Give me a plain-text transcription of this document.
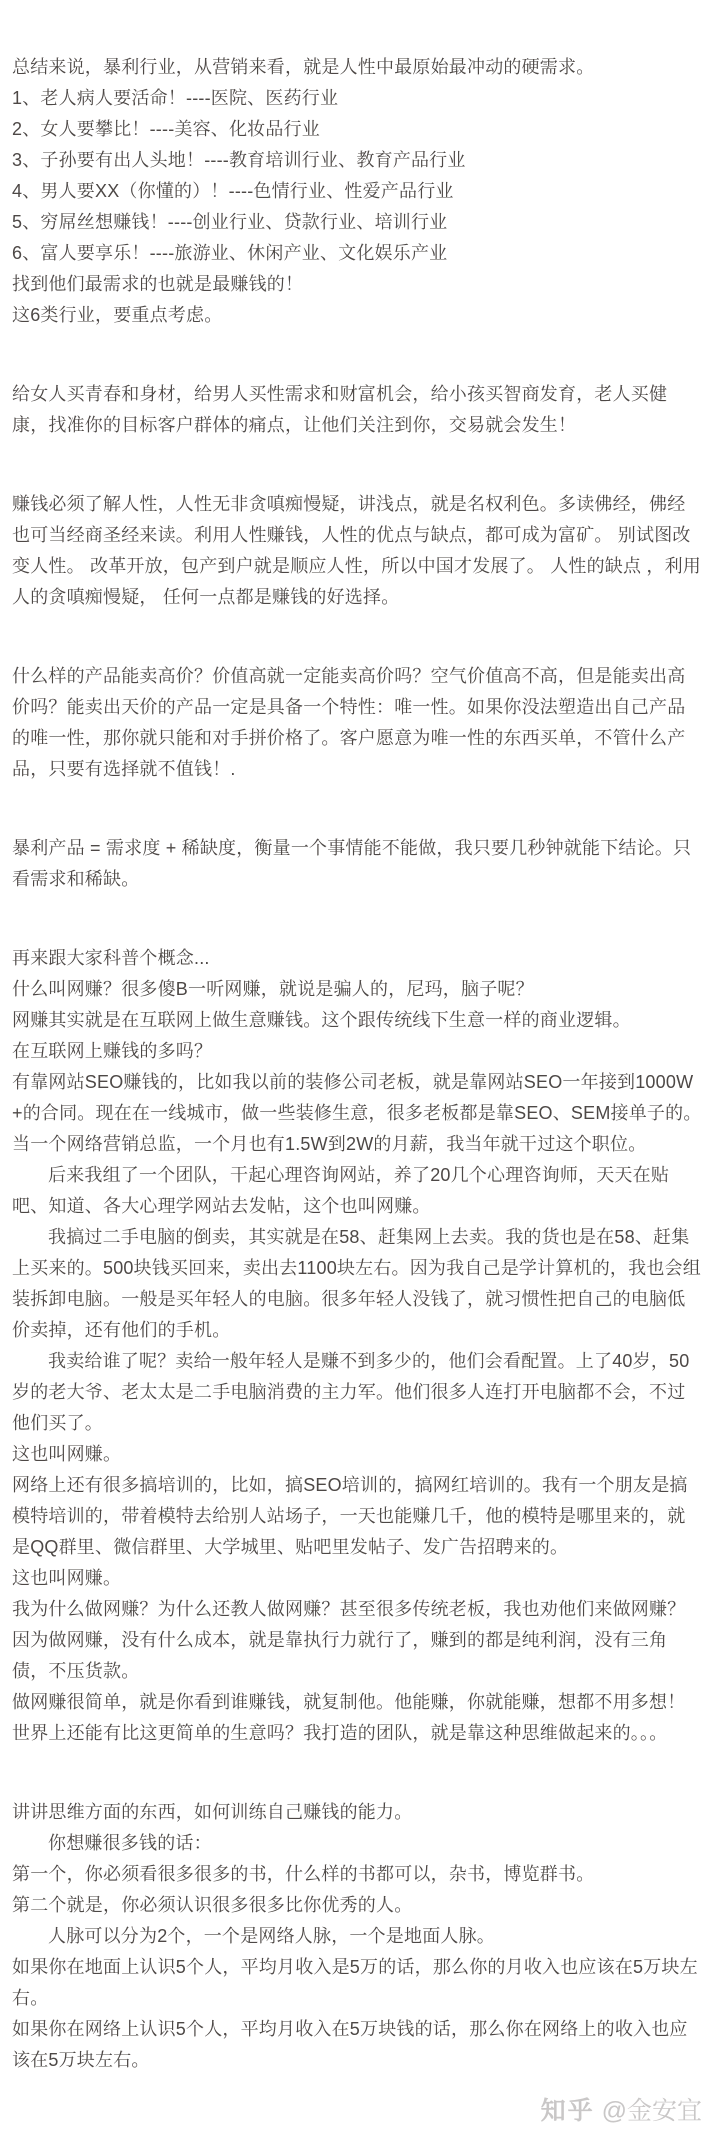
总结来说，暴利行业，从营销来看，就是人性中最原始最冲动的硬需求。

1、老人病人要活命！----医院、医药行业

2、女人要攀比！----美容、化妆品行业

3、子孙要有出人头地！----教育培训行业、教育产品行业

4、男人要XX（你懂的）！----色情行业、性爱产品行业

5、穷屌丝想赚钱！----创业行业、贷款行业、培训行业

6、富人要享乐！----旅游业、休闲产业、文化娱乐产业

找到他们最需求的也就是最赚钱的！

这6类行业，要重点考虑。

给女人买青春和身材，给男人买性需求和财富机会，给小孩买智商发育，老人买健康，找准你的目标客户群体的痛点，让他们关注到你，交易就会发生！

赚钱必须了解人性，人性无非贪嗔痴慢疑，讲浅点，就是名权利色。多读佛经，佛经也可当经商圣经来读。利用人性赚钱，人性的优点与缺点，都可成为富矿。 别试图改变人性。 改革开放，包产到户就是顺应人性，所以中国才发展了。 人性的缺点 ，利用人的贪嗔痴慢疑， 任何一点都是赚钱的好选择。

什么样的产品能卖高价？价值高就一定能卖高价吗？空气价值高不高，但是能卖出高价吗？能卖出天价的产品一定是具备一个特性：唯一性。如果你没法塑造出自己产品的唯一性，那你就只能和对手拼价格了。客户愿意为唯一性的东西买单，不管什么产品，只要有选择就不值钱！.

暴利产品 = 需求度 + 稀缺度，衡量一个事情能不能做，我只要几秒钟就能下结论。只看需求和稀缺。

再来跟大家科普个概念...

什么叫网赚？很多傻B一听网赚，就说是骗人的，尼玛，脑子呢？

网赚其实就是在互联网上做生意赚钱。这个跟传统线下生意一样的商业逻辑。

在互联网上赚钱的多吗？

有靠网站SEO赚钱的，比如我以前的装修公司老板，就是靠网站SEO一年接到1000W+的合同。现在在一线城市，做一些装修生意，很多老板都是靠SEO、SEM接单子的。

当一个网络营销总监，一个月也有1.5W到2W的月薪，我当年就干过这个职位。

后来我组了一个团队，干起心理咨询网站，养了20几个心理咨询师，天天在贴吧、知道、各大心理学网站去发帖，这个也叫网赚。

我搞过二手电脑的倒卖，其实就是在58、赶集网上去卖。我的货也是在58、赶集上买来的。500块钱买回来，卖出去1100块左右。因为我自己是学计算机的，我也会组装拆卸电脑。一般是买年轻人的电脑。很多年轻人没钱了，就习惯性把自己的电脑低价卖掉，还有他们的手机。

我卖给谁了呢？卖给一般年轻人是赚不到多少的，他们会看配置。上了40岁，50岁的老大爷、老太太是二手电脑消费的主力军。他们很多人连打开电脑都不会，不过他们买了。

这也叫网赚。

网络上还有很多搞培训的，比如，搞SEO培训的，搞网红培训的。我有一个朋友是搞模特培训的，带着模特去给别人站场子，一天也能赚几千，他的模特是哪里来的，就是QQ群里、微信群里、大学城里、贴吧里发帖子、发广告招聘来的。

这也叫网赚。

我为什么做网赚？为什么还教人做网赚？甚至很多传统老板，我也劝他们来做网赚？

因为做网赚，没有什么成本，就是靠执行力就行了，赚到的都是纯利润，没有三角债，不压货款。

做网赚很简单，就是你看到谁赚钱，就复制他。他能赚，你就能赚，想都不用多想！

世界上还能有比这更简单的生意吗？我打造的团队，就是靠这种思维做起来的。。。

讲讲思维方面的东西，如何训练自己赚钱的能力。

你想赚很多钱的话：

第一个，你必须看很多很多的书，什么样的书都可以，杂书，博览群书。

第二个就是，你必须认识很多很多比你优秀的人。

人脉可以分为2个，一个是网络人脉，一个是地面人脉。

如果你在地面上认识5个人，平均月收入是5万的话，那么你的月收入也应该在5万块左右。

如果你在网络上认识5个人，平均月收入在5万块钱的话，那么你在网络上的收入也应该在5万块左右。

知乎 @金安宜
